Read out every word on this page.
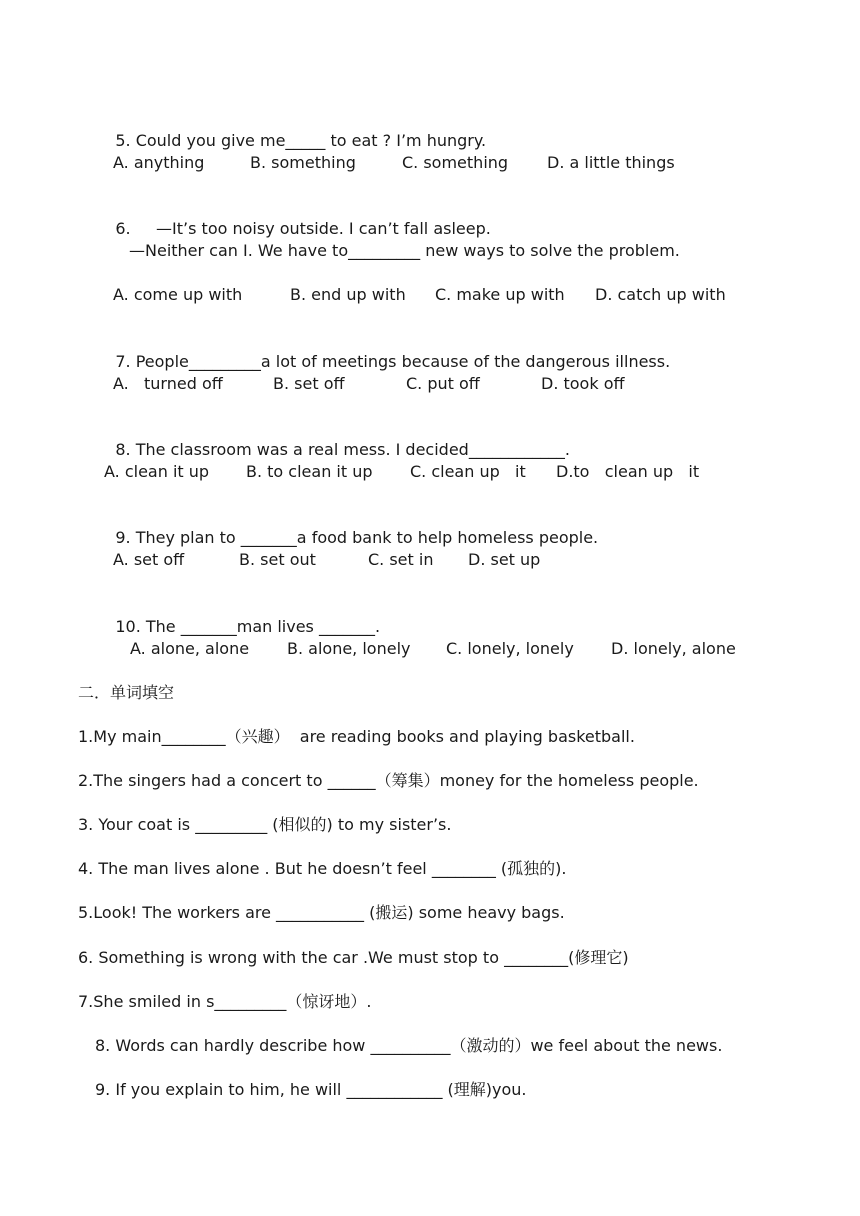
5. Could you give me_____ to eat ? I’m hungry.

A. anything	B. something	C. something D. a little things

6. —It’s too noisy outside. I can’t fall asleep.

—Neither can I. We have to_________ new ways to solve the problem.
A. come up with	B. end up with C. make up with D. catch up with

7. People_________a lot of meetings because of the dangerous illness.

A.   turned off	B. set off	C. put off	D. took off

8. The classroom was a real mess. I decided____________.

A. clean it up B. to clean it up C. clean up   it D.to   clean up   it

9. They plan to _______a food bank to help homeless people.

A. set off	B. set out	C. set in D. set up

10. The _______man lives _______.

A. alone, alone B. alone, lonely C. lonely, lonely D. lonely, alone
二．单词填空
1.My main________（兴趣）  are reading books and playing basketball.
2.The singers had a concert to ______（筹集）money for the homeless people.
3. Your coat is _________ (相似的) to my sister’s.
4. The man lives alone . But he doesn’t feel ________ (孤独的).
5.Look! The workers are ___________ (搬运) some heavy bags.
6. Something is wrong with the car .We must stop to ________(修理它)
7.She smiled in s_________（惊讶地）.
8. Words can hardly describe how __________（激动的）we feel about the news.
9. If you explain to him, he will ____________ (理解)you.
